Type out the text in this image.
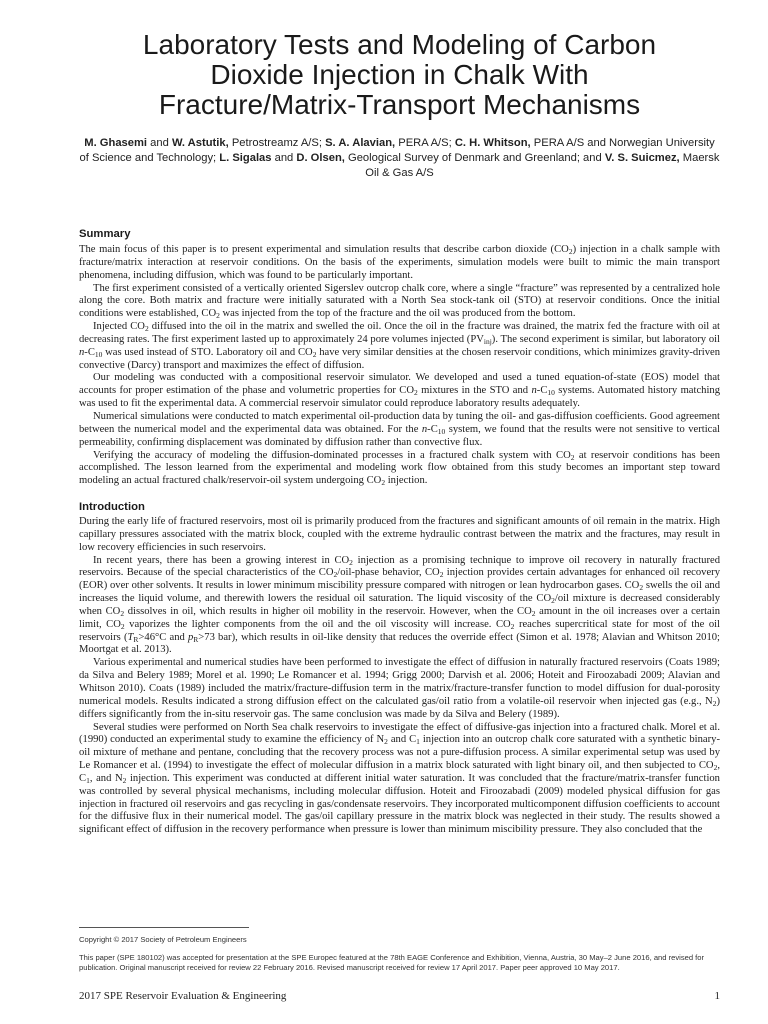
Laboratory Tests and Modeling of Carbon
Dioxide Injection in Chalk With
Fracture/Matrix-Transport Mechanisms
M. Ghasemi and W. Astutik, Petrostreamz A/S; S. A. Alavian, PERA A/S; C. H. Whitson, PERA A/S and Norwegian University of Science and Technology; L. Sigalas and D. Olsen, Geological Survey of Denmark and Greenland; and V. S. Suicmez, Maersk Oil & Gas A/S
Summary

The main focus of this paper is to present experimental and simulation results that describe carbon dioxide $(CO_2)$ injection in a chalk sample with fracture/matrix interaction at reservoir conditions. On the basis of the experiments, simulation models were built to mimic the main transport phenomena, including diffusion, which was found to be particularly important.

The first experiment consisted of a vertically oriented Sigerslev outcrop chalk core, where a single “fracture” was represented by a centralized hole along the core. Both matrix and fracture were initially saturated with a North Sea stock-tank oil (STO) at reservoir conditions. Once the initial conditions were established, $CO_2$ was injected from the top of the fracture and the oil was produced from the bottom.

Injected $CO_2$ diffused into the oil in the matrix and swelled the oil. Once the oil in the fracture was drained, the matrix fed the fracture with oil at decreasing rates. The first experiment lasted up to approximately 24 pore volumes injected $(PV_{inj})$. The second experiment is similar, but laboratory oil $n-C_{10}$ was used instead of STO. Laboratory oil and $CO_2$ have very similar densities at the chosen reservoir conditions, which minimizes gravity-driven convective (Darcy) transport and maximizes the effect of diffusion.

Our modeling was conducted with a compositional reservoir simulator. We developed and used a tuned equation-of-state (EOS) model that accounts for proper estimation of the phase and volumetric properties for $CO_2$ mixtures in the STO and $n-C_{10}$ systems. Automated history matching was used to fit the experimental data. A commercial reservoir simulator could reproduce laboratory results adequately.

Numerical simulations were conducted to match experimental oil-production data by tuning the oil- and gas-diffusion coefficients. Good agreement between the numerical model and the experimental data was obtained. For the $n-C_{10}$ system, we found that the results were not sensitive to vertical permeability, confirming displacement was dominated by diffusion rather than convective flux.

Verifying the accuracy of modeling the diffusion-dominated processes in a fractured chalk system with $CO_2$ at reservoir conditions has been accomplished. The lesson learned from the experimental and modeling work flow obtained from this study becomes an important step toward modeling an actual fractured chalk/reservoir-oil system undergoing $CO_2$ injection.

Introduction

During the early life of fractured reservoirs, most oil is primarily produced from the fractures and significant amounts of oil remain in the matrix. High capillary pressures associated with the matrix block, coupled with the extreme hydraulic contrast between the matrix and the fractures, may result in low recovery efficiencies in such reservoirs.

In recent years, there has been a growing interest in $CO_2$ injection as a promising technique to improve oil recovery in naturally fractured reservoirs. Because of the special characteristics of the $CO_2/oil$-phase behavior, $CO_2$ injection provides certain advantages for enhanced oil recovery (EOR) over other solvents. It results in lower minimum miscibility pressure compared with nitrogen or lean hydrocarbon gases. $CO_2$ swells the oil and increases the liquid volume, and therewith lowers the residual oil saturation. The liquid viscosity of the $CO_2$/oil mixture is decreased considerably when $CO_2$ dissolves in oil, which results in higher oil mobility in the reservoir. However, when the $CO_2$ amount in the oil increases over a certain limit, $CO_2$ vaporizes the lighter components from the oil and the oil viscosity will increase. $CO_2$ reaches supercritical state for most of the oil reservoirs ($T_R>46^\circ C$ and $p_R>73$ bar), which results in oil-like density that reduces the override effect (Simon et al. 1978; Alavian and Whitson 2010; Moortgat et al. 2013).

Various experimental and numerical studies have been performed to investigate the effect of diffusion in naturally fractured reservoirs (Coats 1989; da Silva and Belery 1989; Morel et al. 1990; Le Romancer et al. 1994; Grigg 2000; Darvish et al. 2006; Hoteit and Firoozabadi 2009; Alavian and Whitson 2010). Coats (1989) included the matrix/fracture-diffusion term in the matrix/fracture-transfer function to model diffusion for dual-porosity numerical models. Results indicated a strong diffusion effect on the calculated gas/oil ratio from a volatile-oil reservoir when injected gas (e.g., $N_2$) differs significantly from the in-situ reservoir gas. The same conclusion was made by da Silva and Belery (1989).

Several studies were performed on North Sea chalk reservoirs to investigate the effect of diffusive-gas injection into a fractured chalk. Morel et al. (1990) conducted an experimental study to examine the efficiency of $N_2$ and $C_1$ injection into an outcrop chalk core saturated with a synthetic binary-oil mixture of methane and pentane, concluding that the recovery process was not a pure-diffusion process. A similar experimental setup was used by Le Romancer et al. (1994) to investigate the effect of molecular diffusion in a matrix block saturated with light binary oil, and then subjected to $CO_2$, $C_1$, and $N_2$ injection. This experiment was conducted at different initial water saturation. It was concluded that the fracture/matrix-transfer function was controlled by several physical mechanisms, including molecular diffusion. Hoteit and Firoozabadi (2009) modeled physical diffusion for gas injection in fractured oil reservoirs and gas recycling in gas/condensate reservoirs. They incorporated multicomponent diffusion coefficients to account for the diffusive flux in their numerical model. The gas/oil capillary pressure in the matrix block was neglected in their study. The results showed a significant effect of diffusion in the recovery performance when pressure is lower than minimum miscibility pressure. They also concluded that the

Copyright © 2017 Society of Petroleum Engineers
This paper (SPE 180102) was accepted for presentation at the SPE Europec featured at the 78th EAGE Conference and Exhibition, Vienna, Austria, 30 May–2 June 2016, and revised for publication. Original manuscript received for review 22 February 2016. Revised manuscript received for review 17 April 2017. Paper peer approved 10 May 2017.
2017 SPE Reservoir Evaluation & Engineering	1
